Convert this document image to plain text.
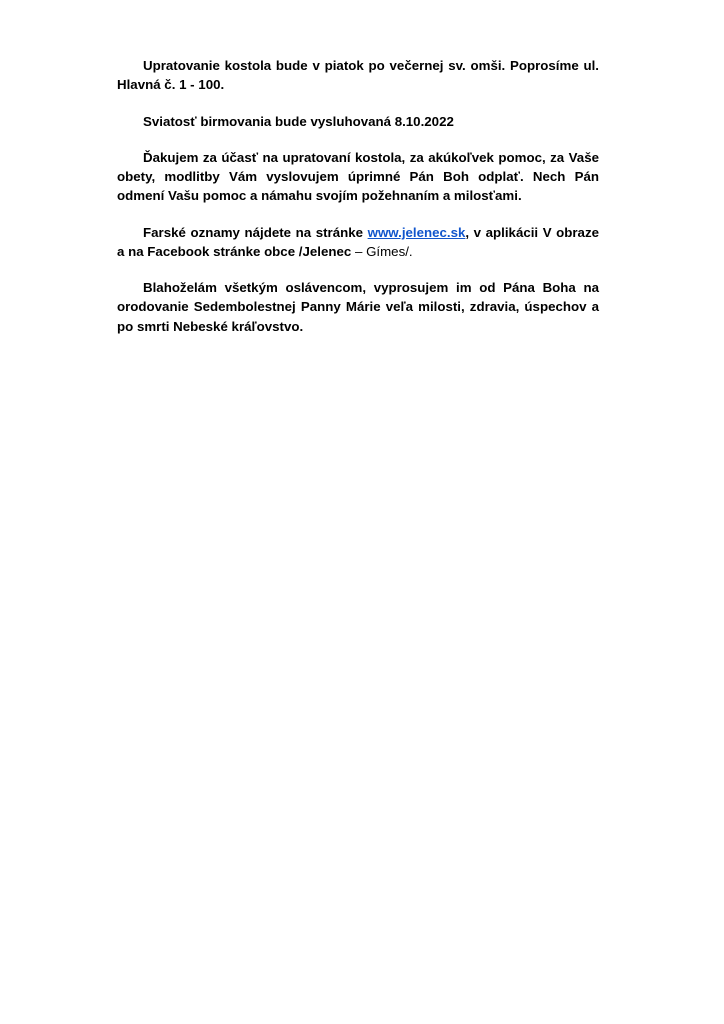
Upratovanie kostola bude v piatok po večernej sv. omši. Poprosíme ul. Hlavná č. 1 - 100.

Sviatosť birmovania bude vysluhovaná 8.10.2022

Ďakujem za účasť na upratovaní kostola, za akúkoľvek pomoc, za Vaše obety, modlitby Vám vyslovujem úprimné Pán Boh odplať. Nech Pán odmení Vašu pomoc a námahu svojím požehnaním a milosťami.

Farské oznamy nájdete na stránke www.jelenec.sk, v aplikácii V obraze a na Facebook stránke obce /Jelenec – Gímes/.

Blahoželám všetkým oslávencom, vyprosujem im od Pána Boha na orodovanie Sedembolestnej Panny Márie veľa milosti, zdravia, úspechov a po smrti Nebeské kráľovstvo.
